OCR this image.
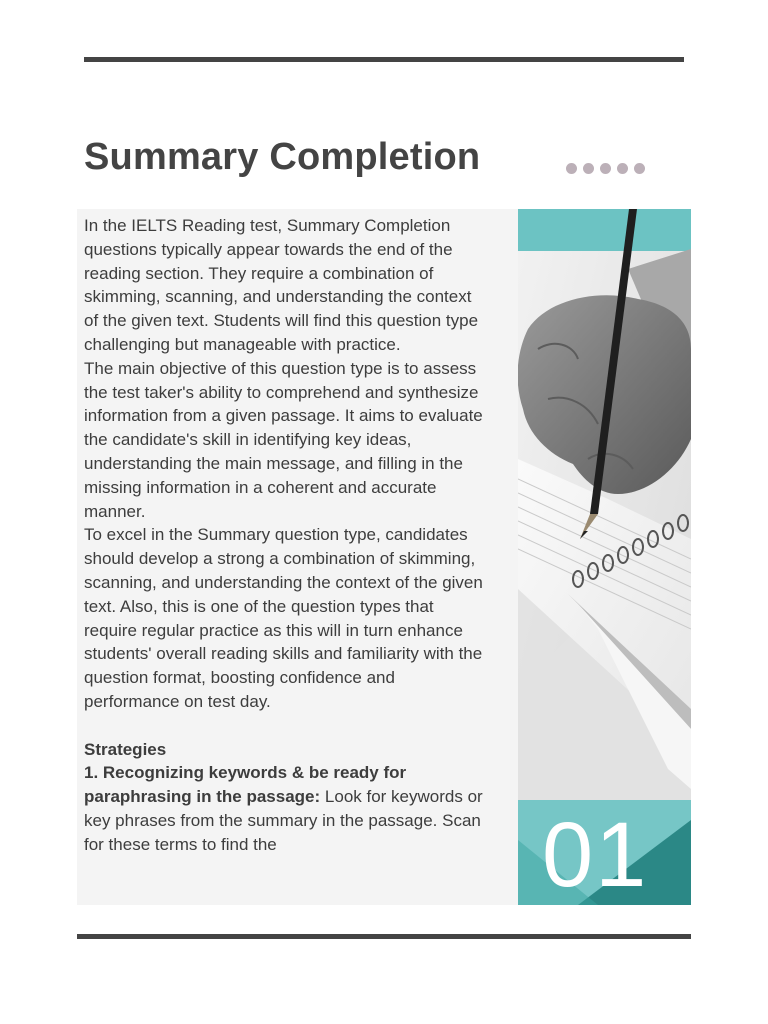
Summary Completion

In the IELTS Reading test, Summary Completion questions typically appear towards the end of the reading section. They require a combination of skimming, scanning, and understanding the context of the given text. Students will find this question type challenging but manageable with practice.

The main objective of this question type is to assess the test taker's ability to comprehend and synthesize information from a given passage. It aims to evaluate the candidate's skill in identifying key ideas, understanding the main message, and filling in the missing information in a coherent and accurate manner.

To excel in the Summary question type, candidates should develop a strong a combination of skimming, scanning, and understanding the context of the given text. Also, this is one of the question types that require regular practice as this will in turn enhance students' overall reading skills and familiarity with the question format, boosting confidence and performance on test day.

Strategies

1. Recognizing keywords & be ready for paraphrasing in the passage: Look for keywords or key phrases from the summary in the passage. Scan for these terms to find the	01
